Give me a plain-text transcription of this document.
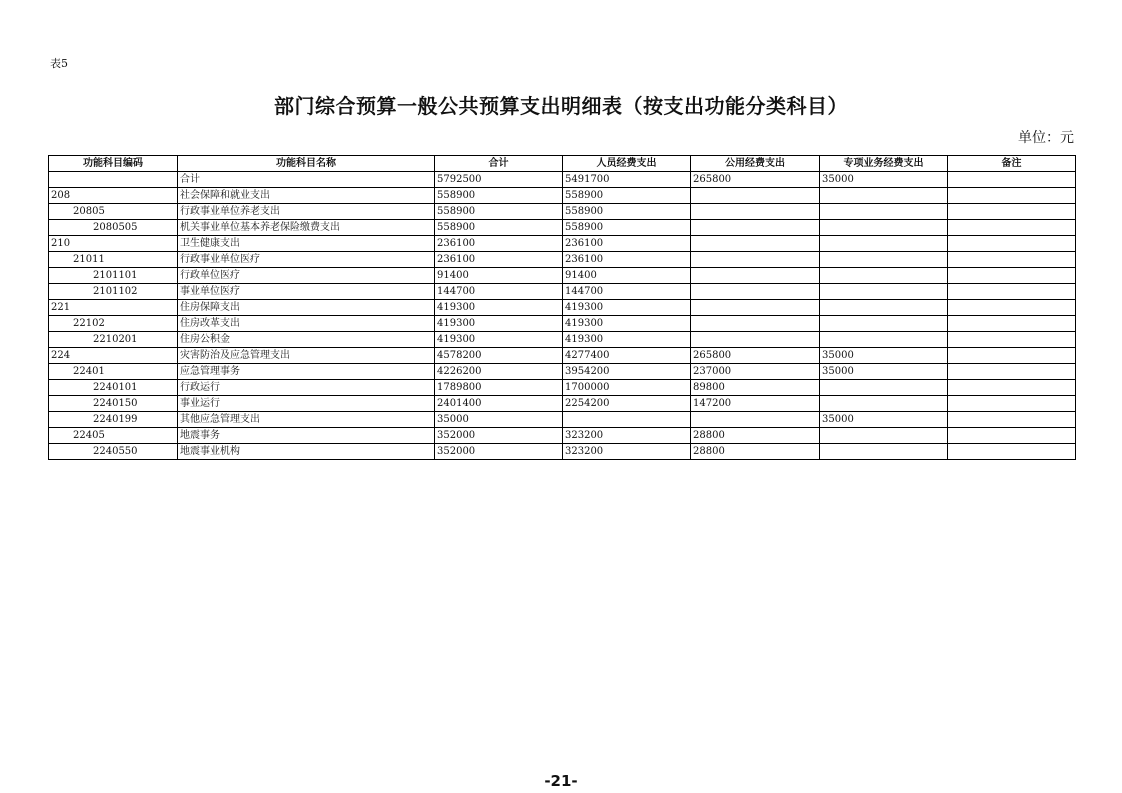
表5
部门综合预算一般公共预算支出明细表（按支出功能分类科目）
单位：元
功能科目编码	功能科目名称	合计	人员经费支出	公用经费支出	专项业务经费支出	备注
	合计	5792500	5491700	265800	35000	
208	社会保障和就业支出	558900	558900			
20805	行政事业单位养老支出	558900	558900			
2080505	机关事业单位基本养老保险缴费支出	558900	558900			
210	卫生健康支出	236100	236100			
21011	行政事业单位医疗	236100	236100			
2101101	行政单位医疗	91400	91400			
2101102	事业单位医疗	144700	144700			
221	住房保障支出	419300	419300			
22102	住房改革支出	419300	419300			
2210201	住房公积金	419300	419300			
224	灾害防治及应急管理支出	4578200	4277400	265800	35000	
22401	应急管理事务	4226200	3954200	237000	35000	
2240101	行政运行	1789800	1700000	89800		
2240150	事业运行	2401400	2254200	147200		
2240199	其他应急管理支出	35000			35000	
22405	地震事务	352000	323200	28800		
2240550	地震事业机构	352000	323200	28800		
-21-
